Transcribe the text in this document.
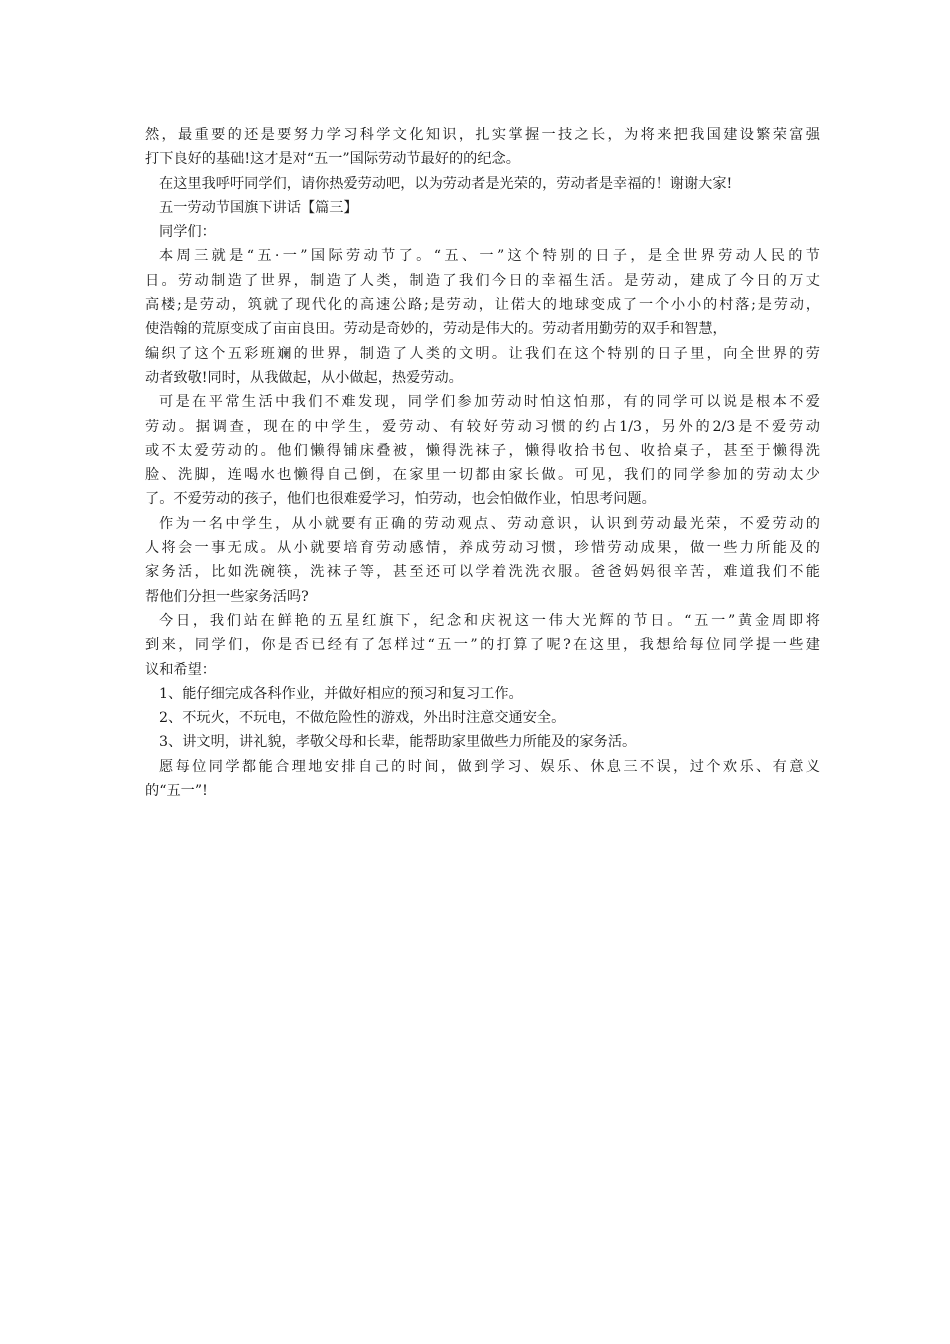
然，最重要的还是要努力学习科学文化知识，扎实掌握一技之长，为将来把我国建设繁荣富强
打下良好的基础!这才是对“五一”国际劳动节最好的的纪念。
在这里我呼吁同学们，请你热爱劳动吧，以为劳动者是光荣的，劳动者是幸福的！谢谢大家!
五一劳动节国旗下讲话【篇三】
同学们：
本周三就是“五·一”国际劳动节了。“五、一”这个特别的日子，是全世界劳动人民的节
日。劳动制造了世界，制造了人类，制造了我们今日的幸福生活。是劳动，建成了今日的万丈
高楼;是劳动，筑就了现代化的高速公路;是劳动，让偌大的地球变成了一个小小的村落;是劳动，
使浩翰的荒原变成了亩亩良田。劳动是奇妙的，劳动是伟大的。劳动者用勤劳的双手和智慧，
编织了这个五彩班斓的世界，制造了人类的文明。让我们在这个特别的日子里，向全世界的劳
动者致敬!同时，从我做起，从小做起，热爱劳动。
可是在平常生活中我们不难发现，同学们参加劳动时怕这怕那，有的同学可以说是根本不爱
劳动。据调查，现在的中学生，爱劳动、有较好劳动习惯的约占1/3，另外的2/3是不爱劳动
或不太爱劳动的。他们懒得铺床叠被，懒得洗袜子，懒得收拾书包、收拾桌子，甚至于懒得洗
脸、洗脚，连喝水也懒得自己倒，在家里一切都由家长做。可见，我们的同学参加的劳动太少
了。不爱劳动的孩子，他们也很难爱学习，怕劳动，也会怕做作业，怕思考问题。
作为一名中学生，从小就要有正确的劳动观点、劳动意识，认识到劳动最光荣，不爱劳动的
人将会一事无成。从小就要培育劳动感情，养成劳动习惯，珍惜劳动成果，做一些力所能及的
家务活，比如洗碗筷，洗袜子等，甚至还可以学着洗洗衣服。爸爸妈妈很辛苦，难道我们不能
帮他们分担一些家务活吗?
今日，我们站在鲜艳的五星红旗下，纪念和庆祝这一伟大光辉的节日。“五一”黄金周即将
到来，同学们，你是否已经有了怎样过“五一”的打算了呢?在这里，我想给每位同学提一些建
议和希望：
1、能仔细完成各科作业，并做好相应的预习和复习工作。
2、不玩火，不玩电，不做危险性的游戏，外出时注意交通安全。
3、讲文明，讲礼貌，孝敬父母和长辈，能帮助家里做些力所能及的家务活。
愿每位同学都能合理地安排自己的时间，做到学习、娱乐、休息三不误，过个欢乐、有意义
的“五一”!
